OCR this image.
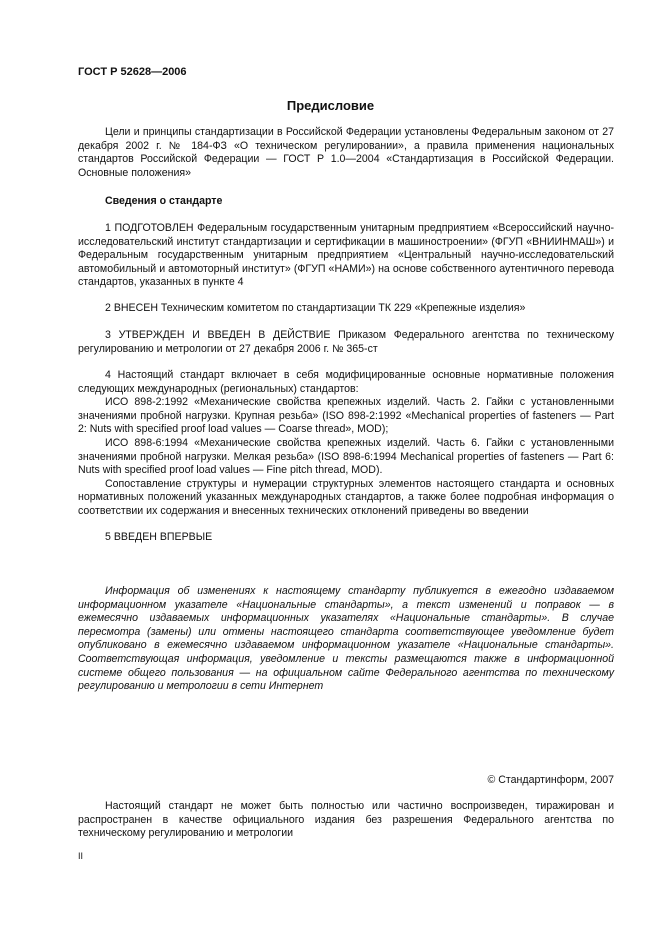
ГОСТ Р 52628—2006
Предисловие

Цели и принципы стандартизации в Российской Федерации установлены Федеральным законом от 27 декабря 2002 г. № 184-ФЗ «О техническом регулировании», а правила применения национальных стандартов Российской Федерации — ГОСТ Р 1.0—2004 «Стандартизация в Российской Федерации. Основные положения»

Сведения о стандарте

1 ПОДГОТОВЛЕН Федеральным государственным унитарным предприятием «Всероссийский научно-исследовательский институт стандартизации и сертификации в машиностроении» (ФГУП «ВНИИНМАШ») и Федеральным государственным унитарным предприятием «Центральный научно-исследовательский автомобильный и автомоторный институт» (ФГУП «НАМИ») на основе собственного аутентичного перевода стандартов, указанных в пункте 4

2 ВНЕСЕН Техническим комитетом по стандартизации ТК 229 «Крепежные изделия»

3 УТВЕРЖДЕН И ВВЕДЕН В ДЕЙСТВИЕ Приказом Федерального агентства по техническому регулированию и метрологии от 27 декабря 2006 г. № 365-ст

4 Настоящий стандарт включает в себя модифицированные основные нормативные положения следующих международных (региональных) стандартов:

ИСО 898-2:1992 «Механические свойства крепежных изделий. Часть 2. Гайки с установленными значениями пробной нагрузки. Крупная резьба» (ISO 898-2:1992 «Mechanical properties of fasteners — Part 2: Nuts with specified proof load values — Coarse thread», MOD);

ИСО 898-6:1994 «Механические свойства крепежных изделий. Часть 6. Гайки с установленными значениями пробной нагрузки. Мелкая резьба» (ISO 898-6:1994 Mechanical properties of fasteners — Part 6: Nuts with specified proof load values — Fine pitch thread, MOD).

Сопоставление структуры и нумерации структурных элементов настоящего стандарта и основных нормативных положений указанных международных стандартов, а также более подробная информация о соответствии их содержания и внесенных технических отклонений приведены во введении

5 ВВЕДЕН ВПЕРВЫЕ

Информация об изменениях к настоящему стандарту публикуется в ежегодно издаваемом информационном указателе «Национальные стандарты», а текст изменений и поправок — в ежемесячно издаваемых информационных указателях «Национальные стандарты». В случае пересмотра (замены) или отмены настоящего стандарта соответствующее уведомление будет опубликовано в ежемесячно издаваемом информационном указателе «Национальные стандарты». Соответствующая информация, уведомление и тексты размещаются также в информационной системе общего пользования — на официальном сайте Федерального агентства по техническому регулированию и метрологии в сети Интернет

© Стандартинформ, 2007

Настоящий стандарт не может быть полностью или частично воспроизведен, тиражирован и распространен в качестве официального издания без разрешения Федерального агентства по техническому регулированию и метрологии

II
